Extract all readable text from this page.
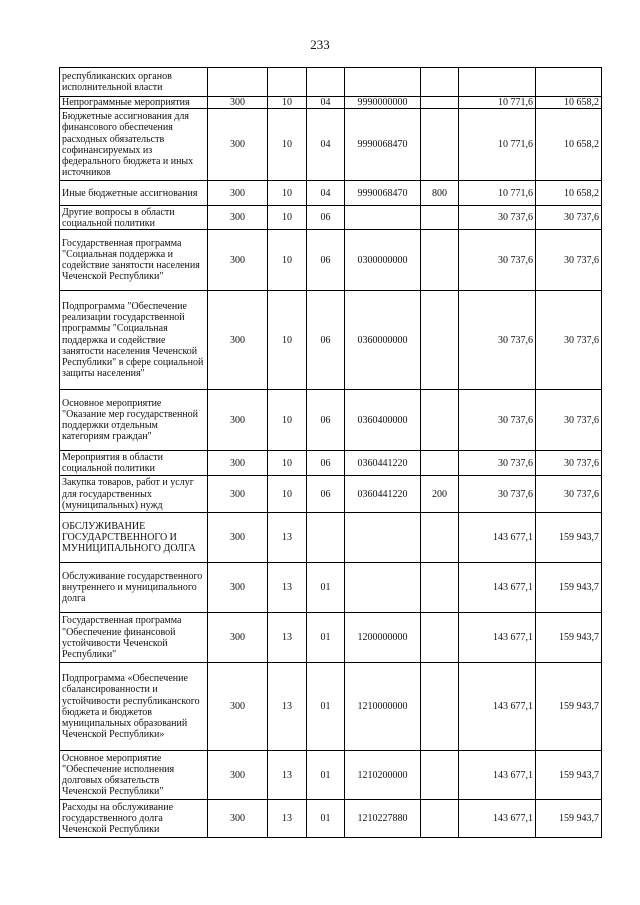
233
республиканских органов исполнительной власти							
Непрограммные мероприятия	300	10	04	9990000000		10 771,6	10 658,2
Бюджетные ассигнования для финансового обеспечения расходных обязательств софинансируемых из федерального бюджета и иных источников	300	10	04	9990068470		10 771,6	10 658,2
Иные бюджетные ассигнования	300	10	04	9990068470	800	10 771,6	10 658,2
Другие вопросы в области социальной политики	300	10	06			30 737,6	30 737,6
Государственная программа "Социальная поддержка и содействие занятости населения Чеченской Республики"	300	10	06	0300000000		30 737,6	30 737,6
Подпрограмма "Обеспечение реализации государственной программы "Социальная поддержка и содействие занятости населения Чеченской Республики" в сфере социальной защиты населения"	300	10	06	0360000000		30 737,6	30 737,6
Основное мероприятие "Оказание мер государственной поддержки отдельным категориям граждан"	300	10	06	0360400000		30 737,6	30 737,6
Мероприятия в области социальной политики	300	10	06	0360441220		30 737,6	30 737,6
Закупка товаров, работ и услуг для государственных (муниципальных) нужд	300	10	06	0360441220	200	30 737,6	30 737,6
ОБСЛУЖИВАНИЕ ГОСУДАРСТВЕННОГО И МУНИЦИПАЛЬНОГО ДОЛГА	300	13				143 677,1	159 943,7
Обслуживание государственного внутреннего и муниципального долга	300	13	01			143 677,1	159 943,7
Государственная программа "Обеспечение финансовой устойчивости Чеченской Республики"	300	13	01	1200000000		143 677,1	159 943,7
Подпрограмма «Обеспечение сбалансированности и устойчивости республиканского бюджета и бюджетов муниципальных образований Чеченской Республики»	300	13	01	1210000000		143 677,1	159 943,7
Основное мероприятие "Обеспечение исполнения долговых обязательств Чеченской Республики"	300	13	01	1210200000		143 677,1	159 943,7
Расходы на обслуживание государственного долга Чеченской Республики	300	13	01	1210227880		143 677,1	159 943,7
